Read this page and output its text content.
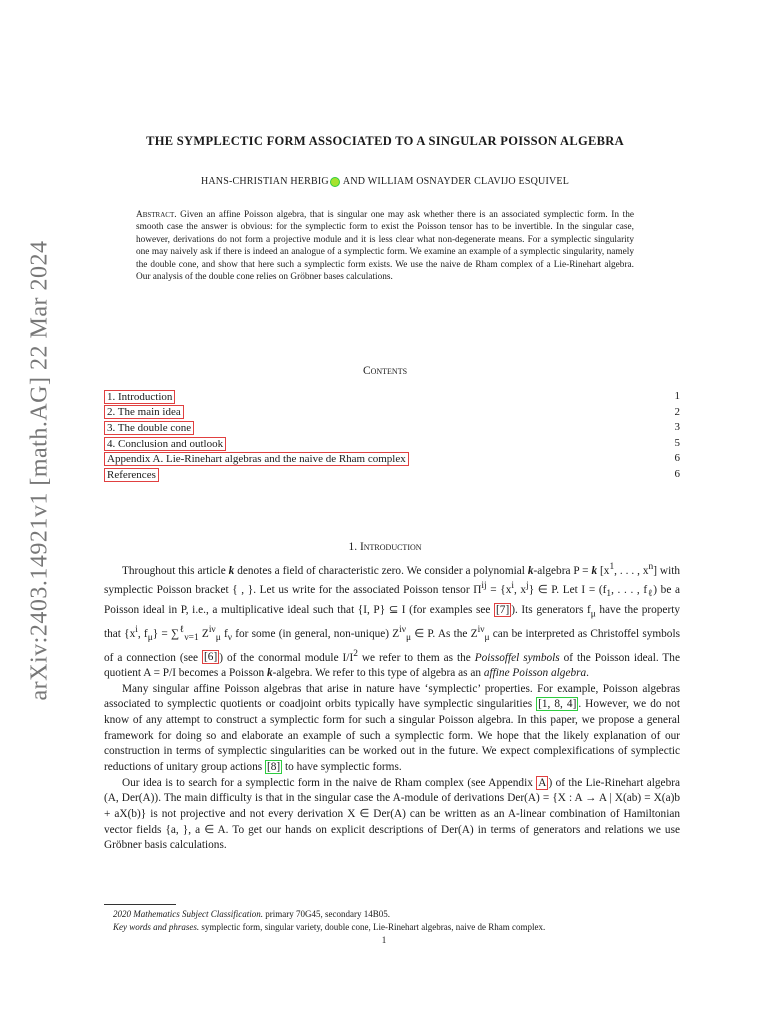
arXiv:2403.14921v1 [math.AG] 22 Mar 2024
THE SYMPLECTIC FORM ASSOCIATED TO A SINGULAR POISSON ALGEBRA
HANS-CHRISTIAN HERBIG AND WILLIAM OSNAYDER CLAVIJO ESQUIVEL
Abstract. Given an affine Poisson algebra, that is singular one may ask whether there is an associated symplectic form. In the smooth case the answer is obvious: for the symplectic form to exist the Poisson tensor has to be invertible. In the singular case, however, derivations do not form a projective module and it is less clear what non-degenerate means. For a symplectic singularity one may naively ask if there is indeed an analogue of a symplectic form. We examine an example of a symplectic singularity, namely the double cone, and show that here such a symplectic form exists. We use the naive de Rham complex of a Lie-Rinehart algebra. Our analysis of the double cone relies on Gröbner bases calculations.
Contents
1. Introduction	1
2. The main idea	2
3. The double cone	3
4. Conclusion and outlook	5
Appendix A. Lie-Rinehart algebras and the naive de Rham complex	6
References	6
1. Introduction

Throughout this article k denotes a field of characteristic zero. We consider a polynomial k-algebra P = k [$x^1$, . . . , $x^n$] with symplectic Poisson bracket { , }. Let us write for the associated Poisson tensor $\Pi^{ij} = \{x^i$, $x^j$} ∈ P. Let $I = (f_1$, . . . , $f_\ell$) be a Poisson ideal in P, i.e., a multiplicative ideal such that {I, P} ⊆ I (for examples see [7] ). Its generators $f_\mu$ have the property that {$x^i$, $f_\mu\} = \sum^\ell_{\nu=1}$ $Z^{i\nu}_\mu$ $f_\nu$ for some (in general, non-unique) $Z^{i\nu}_\mu$ ∈ P. As the $Z^{i\nu}_\mu$ can be interpreted as Christoffel symbols of a connection (see [6] ) of the conormal module $I/I^2$ we refer to them as the Poissoffel symbols of the Poisson ideal. The quotient A = P/I becomes a Poisson k-algebra. We refer to this type of algebra as an affine Poisson algebra.

Many singular affine Poisson algebras that arise in nature have ‘symplectic’ properties. For example, Poisson algebras associated to symplectic quotients or coadjoint orbits typically have symplectic singularities [1, 8, 4] . However, we do not know of any attempt to construct a symplectic form for such a singular Poisson algebra. In this paper, we propose a general framework for doing so and elaborate an example of such a symplectic form. We hope that the likely explanation of our construction in terms of symplectic singularities can be worked out in the future. We expect complexifications of symplectic reductions of unitary group actions [8] to have symplectic forms.

Our idea is to search for a symplectic form in the naive de Rham complex (see Appendix A ) of the Lie-Rinehart algebra (A, Der(A)). The main difficulty is that in the singular case the A-module of derivations Der(A) = {X : A → A | X(ab) = X(a)b + aX(b)} is not projective and not every derivation X ∈ Der(A) can be written as an A-linear combination of Hamiltonian vector fields {a, }, a ∈ A. To get our hands on explicit descriptions of Der(A) in terms of generators and relations we use Gröbner basis calculations.

2020 Mathematics Subject Classification. primary 70G45, secondary 14B05.
Key words and phrases. symplectic form, singular variety, double cone, Lie-Rinehart algebras, naive de Rham complex.
1
